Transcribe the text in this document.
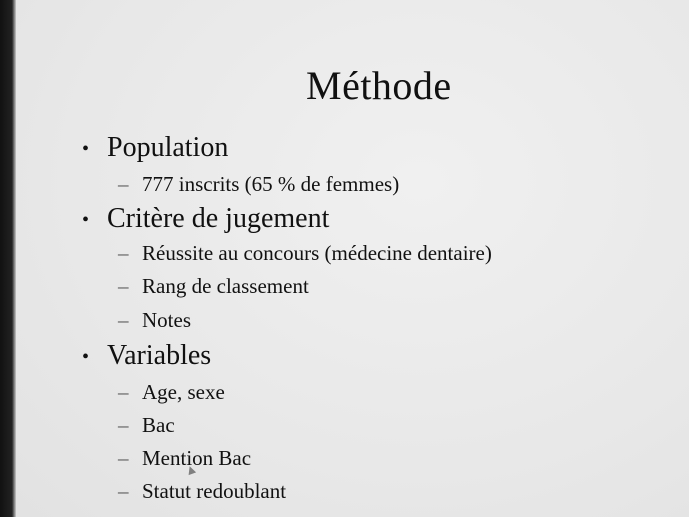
Méthode
• Population
– 777 inscrits (65 % de femmes)
• Critère de jugement
– Réussite au concours (médecine dentaire)
– Rang de classement
– Notes
• Variables
– Age, sexe
– Bac
– Mention Bac
– Statut redoublant
